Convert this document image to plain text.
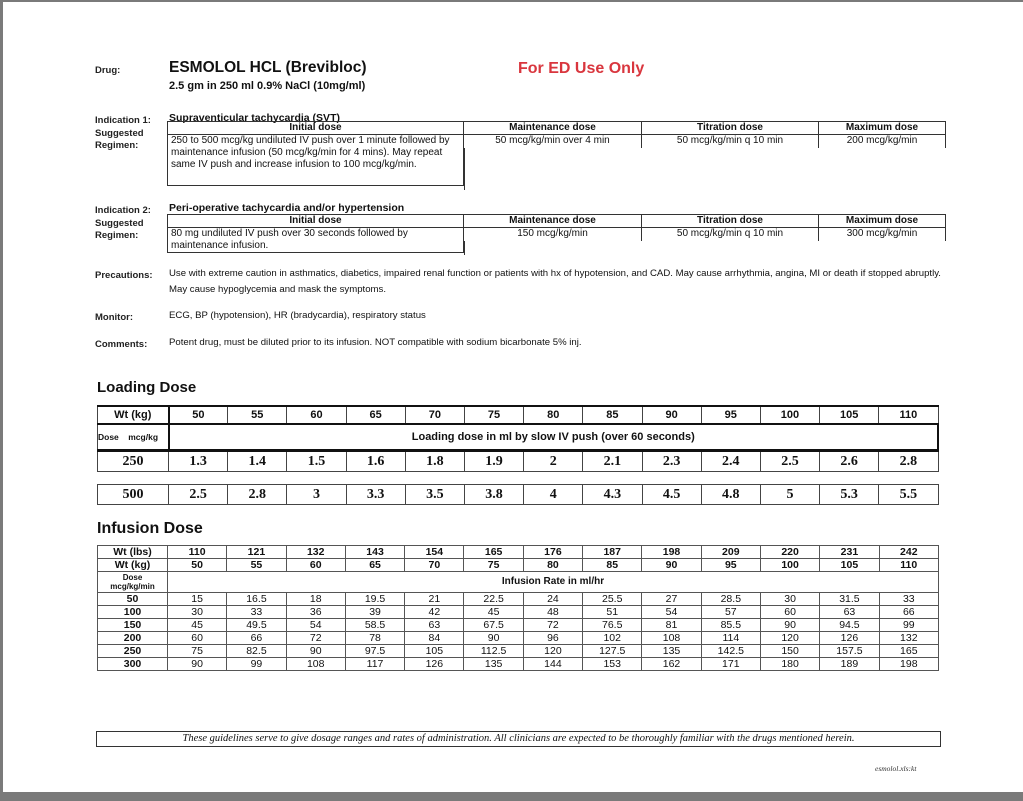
Drug:	ESMOLOL HCL (Brevibloc)
2.5 gm in 250 ml 0.9% NaCl (10mg/ml)
For ED Use Only
Indication 1:
Suggested
Regimen:
Supraventicular tachycardia (SVT)
Initial dose	Maintenance dose	Titration dose	Maximum dose
250 to 500 mcg/kg undiluted IV push over 1 minute followed by maintenance infusion (50 mcg/kg/min for 4 mins). May repeat same IV push and increase infusion to 100 mcg/kg/min.	50 mcg/kg/min over 4 min	50 mcg/kg/min q 10 min	200 mcg/kg/min
Indication 2:
Suggested
Regimen:
Peri-operative tachycardia and/or hypertension
Initial dose	Maintenance dose	Titration dose	Maximum dose
80 mg undiluted IV push over 30 seconds followed by maintenance infusion.	150 mcg/kg/min	50 mcg/kg/min q 10 min	300 mcg/kg/min
Precautions: Use with extreme caution in asthmatics, diabetics, impaired renal function or patients with hx of hypotension, and CAD. May cause arrhythmia, angina, MI or death if stopped abruptly. May cause hypoglycemia and mask the symptoms.
Monitor:	ECG, BP (hypotension), HR (bradycardia), respiratory status
Comments: Potent drug, must be diluted prior to its infusion. NOT compatible with sodium bicarbonate 5% inj.
Loading Dose
Wt (kg)	50	55	60	65	70	75	80	85	90	95	100	105	110
Dose mcg/kg	Loading dose in ml by slow IV push (over 60 seconds)												
250	1.3	1.4	1.5	1.6	1.8	1.9	2	2.1	2.3	2.4	2.5	2.6	2.8

500	2.5	2.8	3	3.3	3.5	3.8	4	4.3	4.5	4.8	5	5.3	5.5
Infusion Dose
Wt (lbs)	110	121	132	143	154	165	176	187	198	209	220	231	242
Wt (kg)	50	55	60	65	70	75	80	85	90	95	100	105	110

Dose
mcg/kg/min	Infusion Rate in ml/hr												
50	15	16.5	18	19.5	21	22.5	24	25.5	27	28.5	30	31.5	33
100	30	33	36	39	42	45	48	51	54	57	60	63	66
150	45	49.5	54	58.5	63	67.5	72	76.5	81	85.5	90	94.5	99
200	60	66	72	78	84	90	96	102	108	114	120	126	132
250	75	82.5	90	97.5	105	112.5	120	127.5	135	142.5	150	157.5	165
300	90	99	108	117	126	135	144	153	162	171	180	189	198
These guidelines serve to give dosage ranges and rates of administration. All clinicians are expected to be thoroughly familiar with the drugs mentioned herein.
esmolol.xls:kt
